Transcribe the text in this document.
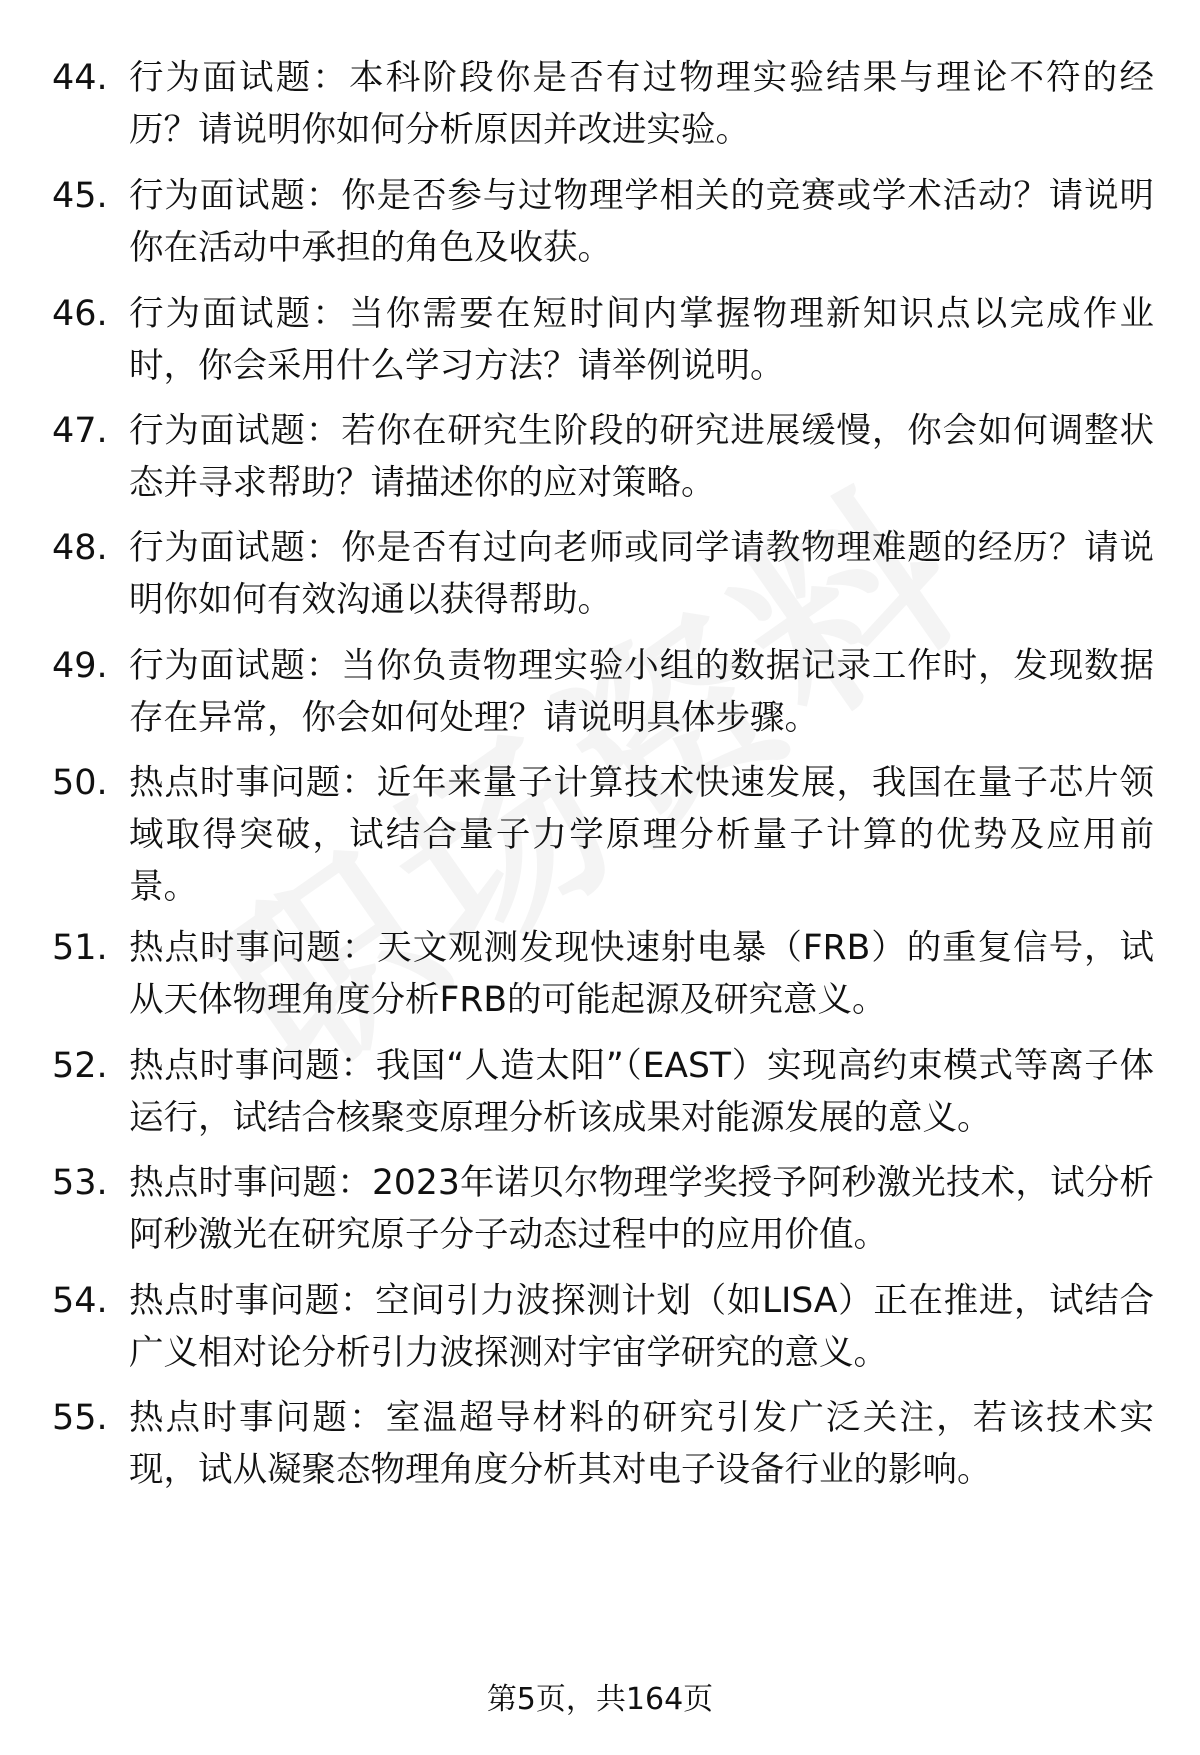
44. 行为面试题：本科阶段你是否有过物理实验结果与理论不符的经历？请说明你如何分析原因并改进实验。
45. 行为面试题：你是否参与过物理学相关的竞赛或学术活动？请说明你在活动中承担的角色及收获。
46. 行为面试题：当你需要在短时间内掌握物理新知识点以完成作业时，你会采用什么学习方法？请举例说明。
47. 行为面试题：若你在研究生阶段的研究进展缓慢，你会如何调整状态并寻求帮助？请描述你的应对策略。
48. 行为面试题：你是否有过向老师或同学请教物理难题的经历？请说明你如何有效沟通以获得帮助。
49. 行为面试题：当你负责物理实验小组的数据记录工作时，发现数据存在异常，你会如何处理？请说明具体步骤。
50. 热点时事问题：近年来量子计算技术快速发展，我国在量子芯片领域取得突破，试结合量子力学原理分析量子计算的优势及应用前景。
51. 热点时事问题：天文观测发现快速射电暴（FRB）的重复信号，试从天体物理角度分析FRB的可能起源及研究意义。
52. 热点时事问题：我国“人造太阳”（EAST）实现高约束模式等离子体运行，试结合核聚变原理分析该成果对能源发展的意义。
53. 热点时事问题：2023年诺贝尔物理学奖授予阿秒激光技术，试分析阿秒激光在研究原子分子动态过程中的应用价值。
54. 热点时事问题：空间引力波探测计划（如LISA）正在推进，试结合广义相对论分析引力波探测对宇宙学研究的意义。
55. 热点时事问题：室温超导材料的研究引发广泛关注，若该技术实现，试从凝聚态物理角度分析其对电子设备行业的影响。
第5页，共164页
